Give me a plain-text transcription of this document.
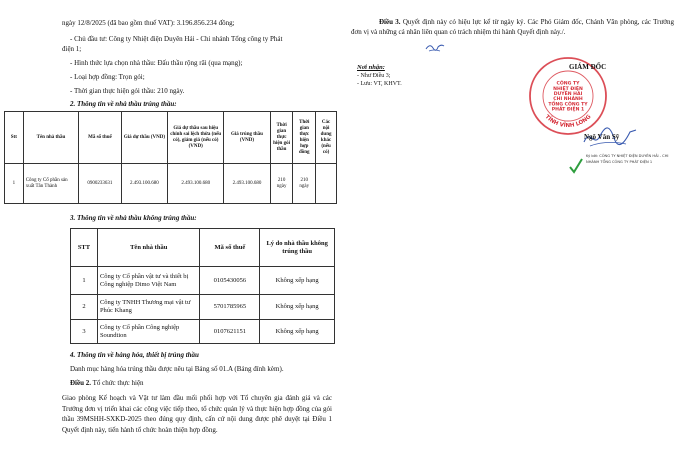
ngày 12/8/2025 (đã bao gồm thuế VAT): 3.196.856.234 đồng;
- Chủ đầu tư: Công ty Nhiệt điện Duyên Hải - Chi nhánh Tổng công ty Phát
điện 1;
- Hình thức lựa chọn nhà thầu: Đấu thầu rộng rãi (qua mạng);
- Loại hợp đồng: Trọn gói;
- Thời gian thực hiện gói thầu: 210 ngày.
2. Thông tin về nhà thầu trúng thầu:
Stt	Tên nhà thầu	Mã số thuế	Giá dự thầu (VND)	Giá dự thầu sau hiệu chỉnh sai lệch thừa (nếu có), giảm giá (nếu có) (VND)	Giá trúng thầu (VND)	Thời gian thực hiện gói thầu	Thời gian thực hiện hợp đồng	Các nội dung khác (nếu có)
1	Công ty Cổ phần sản xuất Tân Thành	0900233631	2.493.100.680	2.493.100.680	2.493.100.680	210 ngày	210 ngày	
3. Thông tin về nhà thầu không trúng thầu:
STT	Tên nhà thầu	Mã số thuế	Lý do nhà thầu không trúng thầu
1	Công ty Cổ phần vật tư và thiết bị Công nghiệp Dimo Việt Nam	0105430056	Không xếp hạng
2	Công ty TNHH Thương mại vật tư Phúc Khang	5701785965	Không xếp hạng
3	Công ty Cổ phần Công nghiệp Soundtion	0107621151	Không xếp hạng
4. Thông tin về hàng hóa, thiết bị trúng thầu
Danh mục hàng hóa trúng thầu được nêu tại Bảng số 01.A (Bảng đính kèm).
Điều 2. Tổ chức thực hiện
Giao phòng Kế hoạch và Vật tư làm đầu mối phối hợp với Tổ chuyên gia đánh giá và các Trưởng đơn vị triển khai các công việc tiếp theo, tổ chức quản lý và thực hiện hợp đồng của gói thầu 39MSHH-SXKD-2025 theo đúng quy định, cấn cứ nội dung được phê duyệt tại Điều 1 Quyết định này, tiến hành tổ chức hoàn thiện hợp đồng.
Điều 3. Quyết định này có hiệu lực kể từ ngày ký. Các Phó Giám đốc, Chánh Văn phòng, các Trưởng đơn vị và những cá nhân liên quan có trách nhiệm thi hành Quyết định này./.
Nơi nhận:
- Như Điều 3;
- Lưu: VT, KHVT.
TỈNH VĨNH LONG
CÔNG TY NHIỆT ĐIỆN DUYÊN HẢI CHI NHÁNH TỔNG CÔNG TY PHÁT ĐIỆN 1
GIÁM ĐỐC
Ngô Văn Sỹ
Ký bởi: CÔNG TY NHIỆT ĐIỆN DUYÊN HẢI - CHI NHÁNH TỔNG CÔNG TY PHÁT ĐIỆN 1
